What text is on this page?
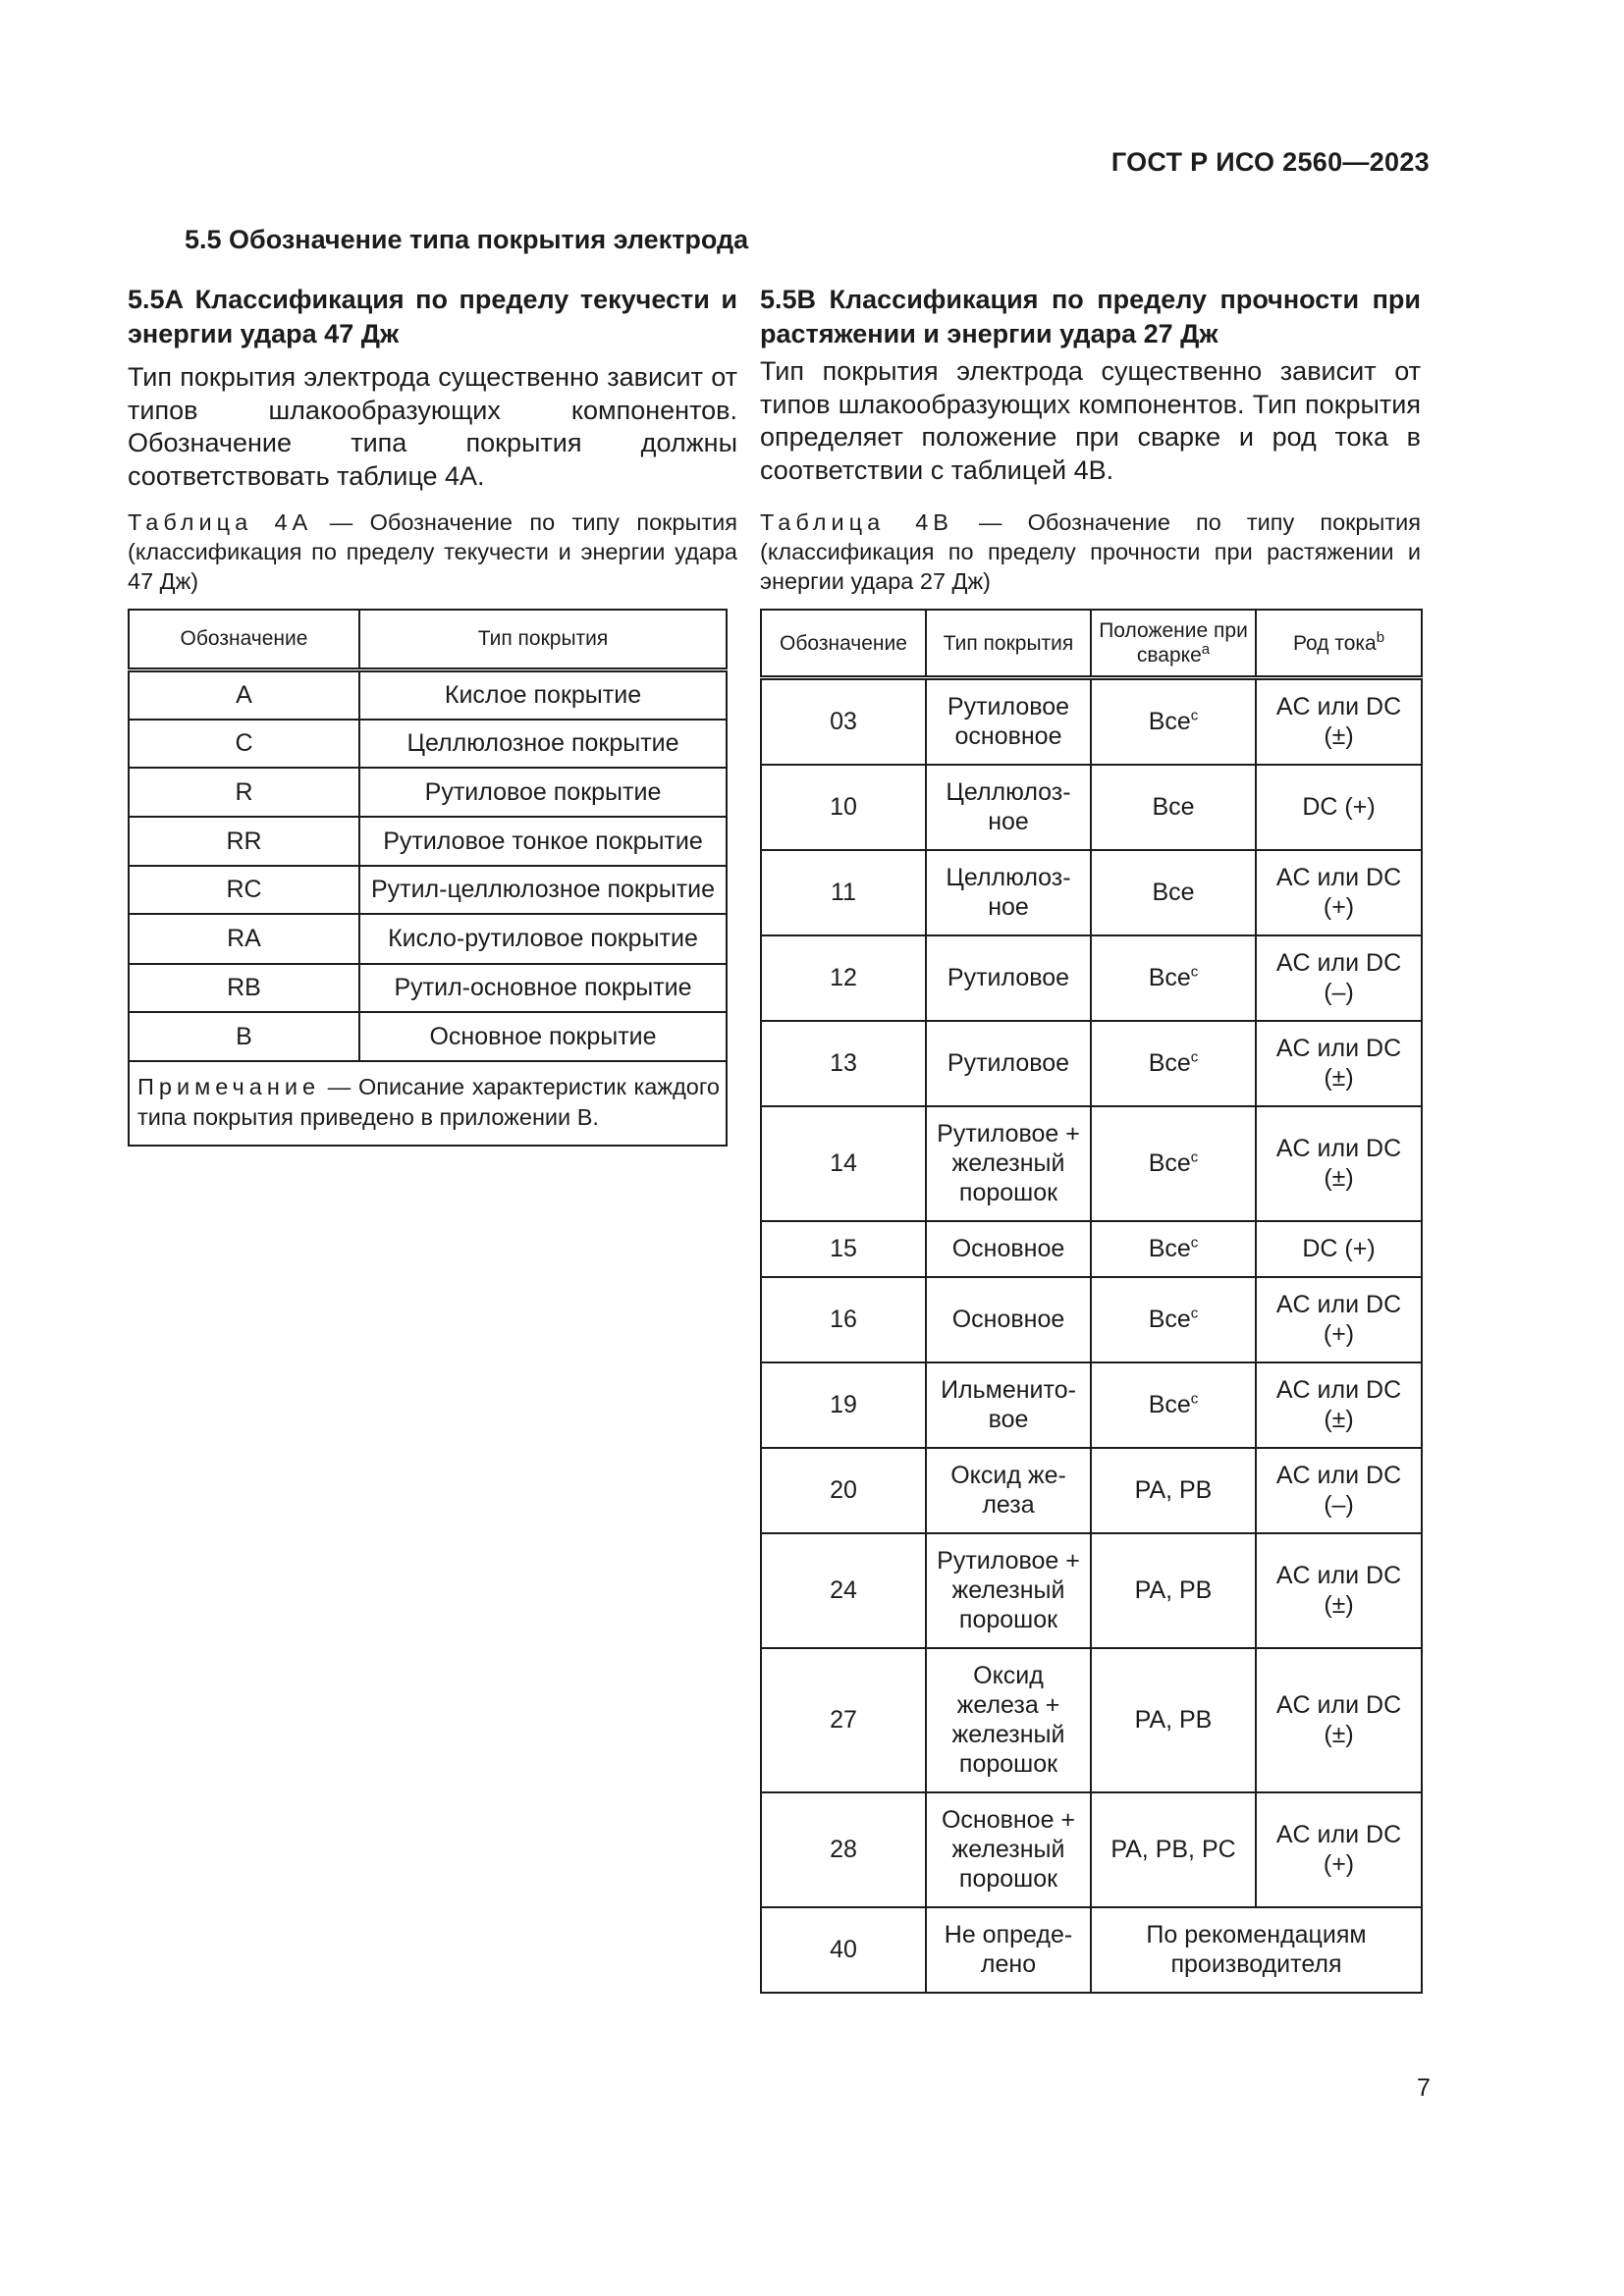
ГОСТ Р ИСО 2560—2023
5.5 Обозначение типа покрытия электрода
5.5А Классификация по пределу текучести и энергии удара 47 Дж
Тип покрытия электрода существенно зависит от типов шлакообразующих компонентов. Обозначение типа покрытия должны соответствовать таблице 4А.
Таблица 4А — Обозначение по типу покрытия (классификация по пределу текучести и энергии удара 47 Дж)
Обозначение	Тип покрытия
A	Кислое покрытие
C	Целлюлозное покрытие
R	Рутиловое покрытие
RR	Рутиловое тонкое покрытие
RC	Рутил-целлюлозное покрытие
RA	Кисло-рутиловое покрытие
RB	Рутил-основное покрытие
B	Основное покрытие
Примечание — Описание характеристик каждого типа покрытия приведено в приложении В.	
5.5В Классификация по пределу прочности при растяжении и энергии удара 27 Дж
Тип покрытия электрода существенно зависит от типов шлакообразующих компонентов. Тип покрытия определяет положение при сварке и род тока в соответствии с таблицей 4В.
Таблица 4В — Обозначение по типу покрытия (классификация по пределу прочности при растяжении и энергии удара 27 Дж)
Обозначение	Тип покрытия	Положение при сварке$^a$	Род тока$^b$
03	Рутиловое основное	Все$^c$	AC или DC (±)
10	Целлюлоз-ное	Все	DC (+)
11	Целлюлоз-ное	Все	AC или DC (+)
12	Рутиловое	Все$^c$	AC или DC (–)
13	Рутиловое	Все$^c$	AC или DC (±)
14	Рутиловое + железный порошок	Все$^c$	AC или DC (±)
15	Основное	Все$^c$	DC (+)
16	Основное	Все$^c$	AC или DC (+)
19	Ильменито-вое	Все$^c$	AC или DC (±)
20	Оксид же-леза	PA, PB	AC или DC (–)
24	Рутиловое + железный порошок	PA, PB	AC или DC (±)
27	Оксид железа + железный порошок	PA, PB	AC или DC (±)
28	Основное + железный порошок	PA, PB, PC	AC или DC (+)
40	Не опреде-лено	По рекомендациям производителя	
7
